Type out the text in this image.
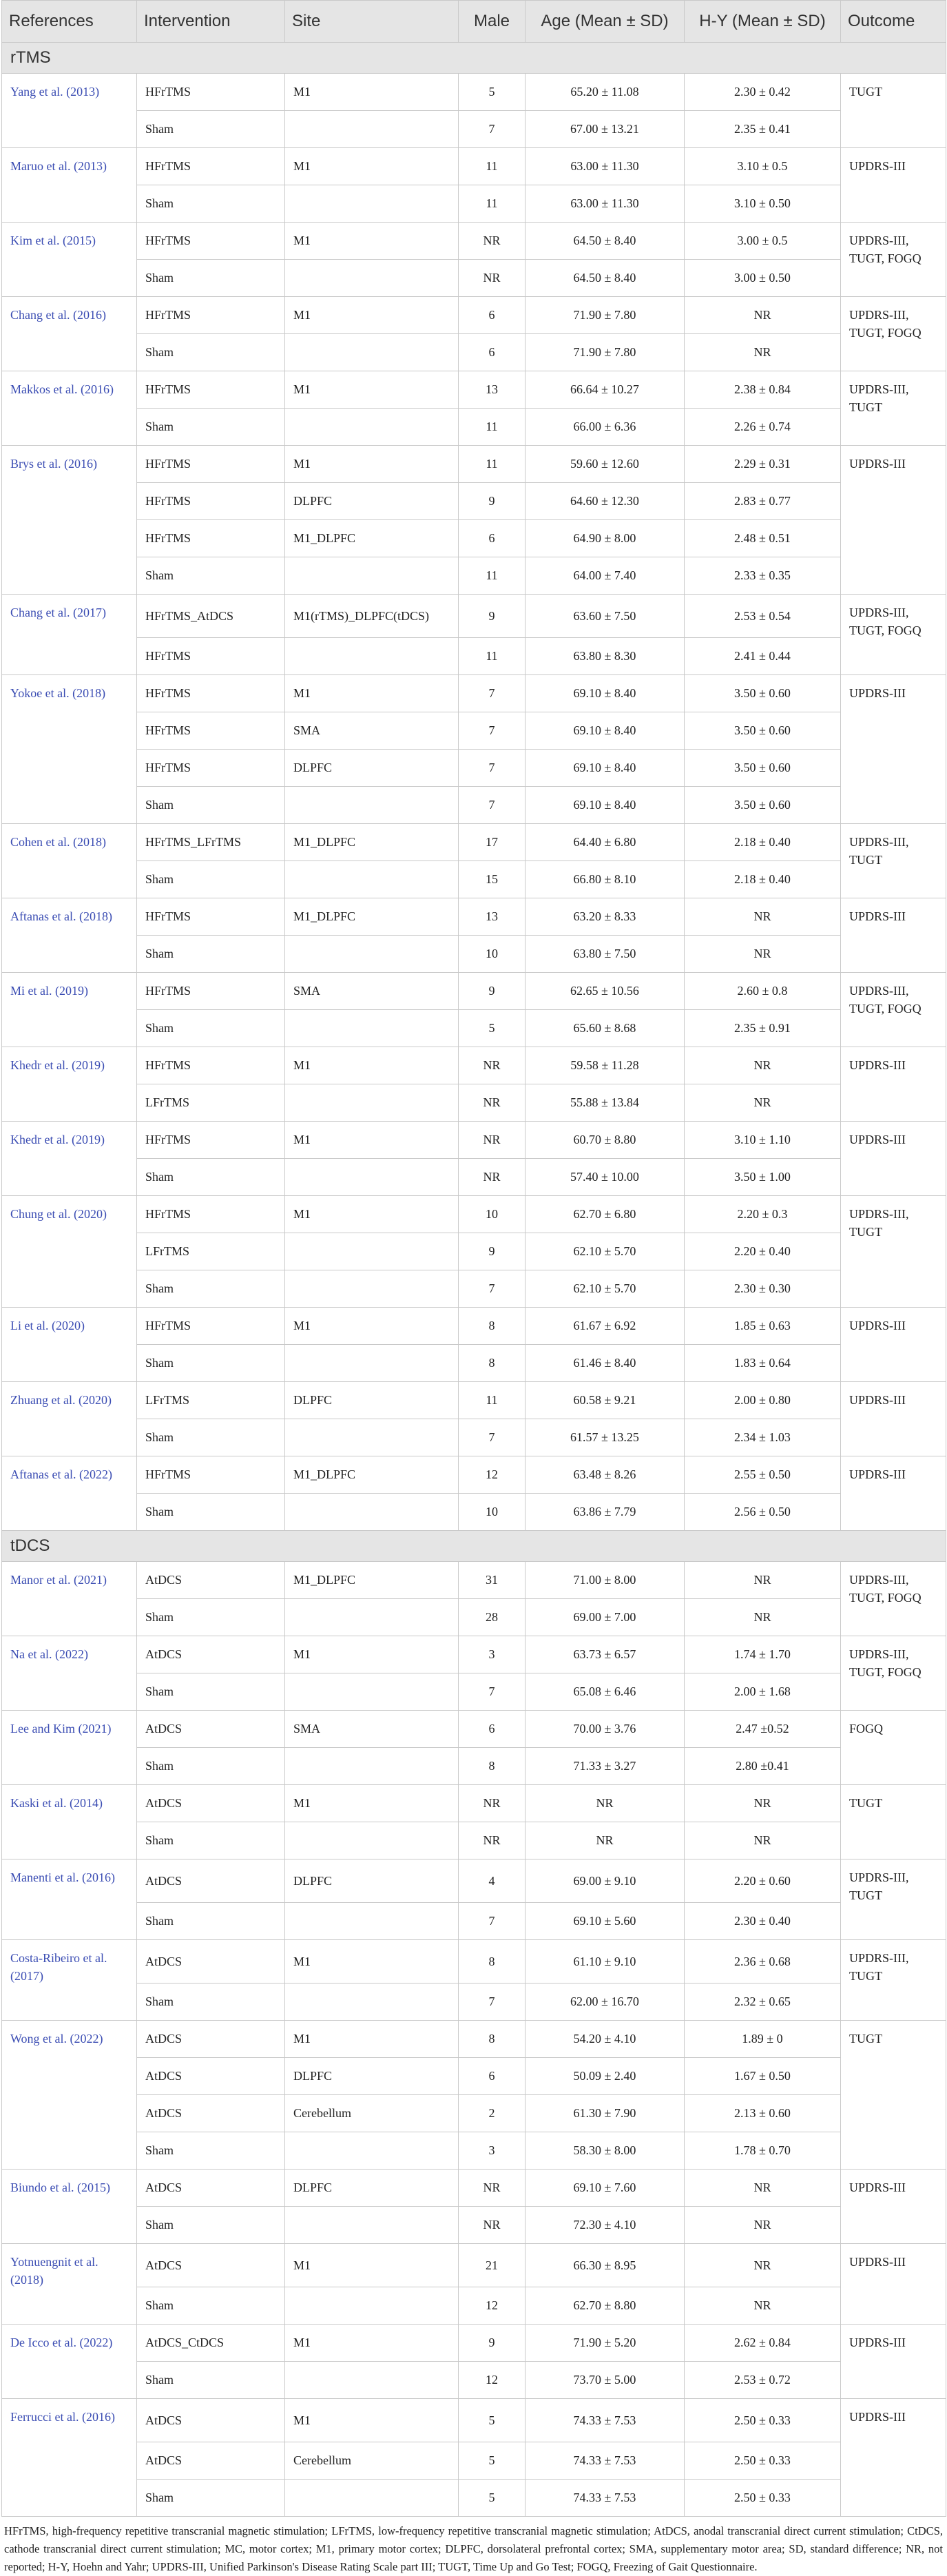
References	Intervention	Site	Male	Age (Mean ± SD)	H-Y (Mean ± SD)	Outcome
rTMS						
Yang et al. (2013)	HFrTMS	M1	5	65.20 ± 11.08	2.30 ± 0.42	TUGT
	Sham		7	67.00 ± 13.21	2.35 ± 0.41	
Maruo et al. (2013)	HFrTMS	M1	11	63.00 ± 11.30	3.10 ± 0.5	UPDRS-III
	Sham		11	63.00 ± 11.30	3.10 ± 0.50	
Kim et al. (2015)	HFrTMS	M1	NR	64.50 ± 8.40	3.00 ± 0.5	UPDRS-III, TUGT, FOGQ
	Sham		NR	64.50 ± 8.40	3.00 ± 0.50	
Chang et al. (2016)	HFrTMS	M1	6	71.90 ± 7.80	NR	UPDRS-III, TUGT, FOGQ
	Sham		6	71.90 ± 7.80	NR	
Makkos et al. (2016)	HFrTMS	M1	13	66.64 ± 10.27	2.38 ± 0.84	UPDRS-III, TUGT
	Sham		11	66.00 ± 6.36	2.26 ± 0.74	
Brys et al. (2016)	HFrTMS	M1	11	59.60 ± 12.60	2.29 ± 0.31	UPDRS-III
	HFrTMS	DLPFC	9	64.60 ± 12.30	2.83 ± 0.77	
	HFrTMS	M1_DLPFC	6	64.90 ± 8.00	2.48 ± 0.51	
	Sham		11	64.00 ± 7.40	2.33 ± 0.35	
Chang et al. (2017)	HFrTMS_AtDCS	M1(rTMS)_DLPFC(tDCS)	9	63.60 ± 7.50	2.53 ± 0.54	UPDRS-III, TUGT, FOGQ
	HFrTMS		11	63.80 ± 8.30	2.41 ± 0.44	
Yokoe et al. (2018)	HFrTMS	M1	7	69.10 ± 8.40	3.50 ± 0.60	UPDRS-III
	HFrTMS	SMA	7	69.10 ± 8.40	3.50 ± 0.60	
	HFrTMS	DLPFC	7	69.10 ± 8.40	3.50 ± 0.60	
	Sham		7	69.10 ± 8.40	3.50 ± 0.60	
Cohen et al. (2018)	HFrTMS_LFrTMS	M1_DLPFC	17	64.40 ± 6.80	2.18 ± 0.40	UPDRS-III, TUGT
	Sham		15	66.80 ± 8.10	2.18 ± 0.40	
Aftanas et al. (2018)	HFrTMS	M1_DLPFC	13	63.20 ± 8.33	NR	UPDRS-III
	Sham		10	63.80 ± 7.50	NR	
Mi et al. (2019)	HFrTMS	SMA	9	62.65 ± 10.56	2.60 ± 0.8	UPDRS-III, TUGT, FOGQ
	Sham		5	65.60 ± 8.68	2.35 ± 0.91	
Khedr et al. (2019)	HFrTMS	M1	NR	59.58 ± 11.28	NR	UPDRS-III
	LFrTMS		NR	55.88 ± 13.84	NR	
Khedr et al. (2019)	HFrTMS	M1	NR	60.70 ± 8.80	3.10 ± 1.10	UPDRS-III
	Sham		NR	57.40 ± 10.00	3.50 ± 1.00	
Chung et al. (2020)	HFrTMS	M1	10	62.70 ± 6.80	2.20 ± 0.3	UPDRS-III, TUGT
	LFrTMS		9	62.10 ± 5.70	2.20 ± 0.40	
	Sham		7	62.10 ± 5.70	2.30 ± 0.30	
Li et al. (2020)	HFrTMS	M1	8	61.67 ± 6.92	1.85 ± 0.63	UPDRS-III
	Sham		8	61.46 ± 8.40	1.83 ± 0.64	
Zhuang et al. (2020)	LFrTMS	DLPFC	11	60.58 ± 9.21	2.00 ± 0.80	UPDRS-III
	Sham		7	61.57 ± 13.25	2.34 ± 1.03	
Aftanas et al. (2022)	HFrTMS	M1_DLPFC	12	63.48 ± 8.26	2.55 ± 0.50	UPDRS-III
	Sham		10	63.86 ± 7.79	2.56 ± 0.50	
tDCS						
Manor et al. (2021)	AtDCS	M1_DLPFC	31	71.00 ± 8.00	NR	UPDRS-III, TUGT, FOGQ
	Sham		28	69.00 ± 7.00	NR	
Na et al. (2022)	AtDCS	M1	3	63.73 ± 6.57	1.74 ± 1.70	UPDRS-III, TUGT, FOGQ
	Sham		7	65.08 ± 6.46	2.00 ± 1.68	
Lee and Kim (2021)	AtDCS	SMA	6	70.00 ± 3.76	2.47 ±0.52	FOGQ
	Sham		8	71.33 ± 3.27	2.80 ±0.41	
Kaski et al. (2014)	AtDCS	M1	NR	NR	NR	TUGT
	Sham		NR	NR	NR	
Manenti et al. (2016)	AtDCS	DLPFC	4	69.00 ± 9.10	2.20 ± 0.60	UPDRS-III, TUGT
	Sham		7	69.10 ± 5.60	2.30 ± 0.40	
Costa-Ribeiro et al. (2017)	AtDCS	M1	8	61.10 ± 9.10	2.36 ± 0.68	UPDRS-III, TUGT
	Sham		7	62.00 ± 16.70	2.32 ± 0.65	
Wong et al. (2022)	AtDCS	M1	8	54.20 ± 4.10	1.89 ± 0	TUGT
	AtDCS	DLPFC	6	50.09 ± 2.40	1.67 ± 0.50	
	AtDCS	Cerebellum	2	61.30 ± 7.90	2.13 ± 0.60	
	Sham		3	58.30 ± 8.00	1.78 ± 0.70	
Biundo et al. (2015)	AtDCS	DLPFC	NR	69.10 ± 7.60	NR	UPDRS-III
	Sham		NR	72.30 ± 4.10	NR	
Yotnuengnit et al. (2018)	AtDCS	M1	21	66.30 ± 8.95	NR	UPDRS-III
	Sham		12	62.70 ± 8.80	NR	
De Icco et al. (2022)	AtDCS_CtDCS	M1	9	71.90 ± 5.20	2.62 ± 0.84	UPDRS-III
	Sham		12	73.70 ± 5.00	2.53 ± 0.72	
Ferrucci et al. (2016)	AtDCS	M1	5	74.33 ± 7.53	2.50 ± 0.33	UPDRS-III
	AtDCS	Cerebellum	5	74.33 ± 7.53	2.50 ± 0.33	
	Sham		5	74.33 ± 7.53	2.50 ± 0.33	
HFrTMS, high-frequency repetitive transcranial magnetic stimulation; LFrTMS, low-frequency repetitive transcranial magnetic stimulation; AtDCS, anodal transcranial direct current stimulation; CtDCS, cathode transcranial direct current stimulation; MC, motor cortex; M1, primary motor cortex; DLPFC, dorsolateral prefrontal cortex; SMA, supplementary motor area; SD, standard difference; NR, not reported; H-Y, Hoehn and Yahr; UPDRS-III, Unified Parkinson's Disease Rating Scale part III; TUGT, Time Up and Go Test; FOGQ, Freezing of Gait Questionnaire.
